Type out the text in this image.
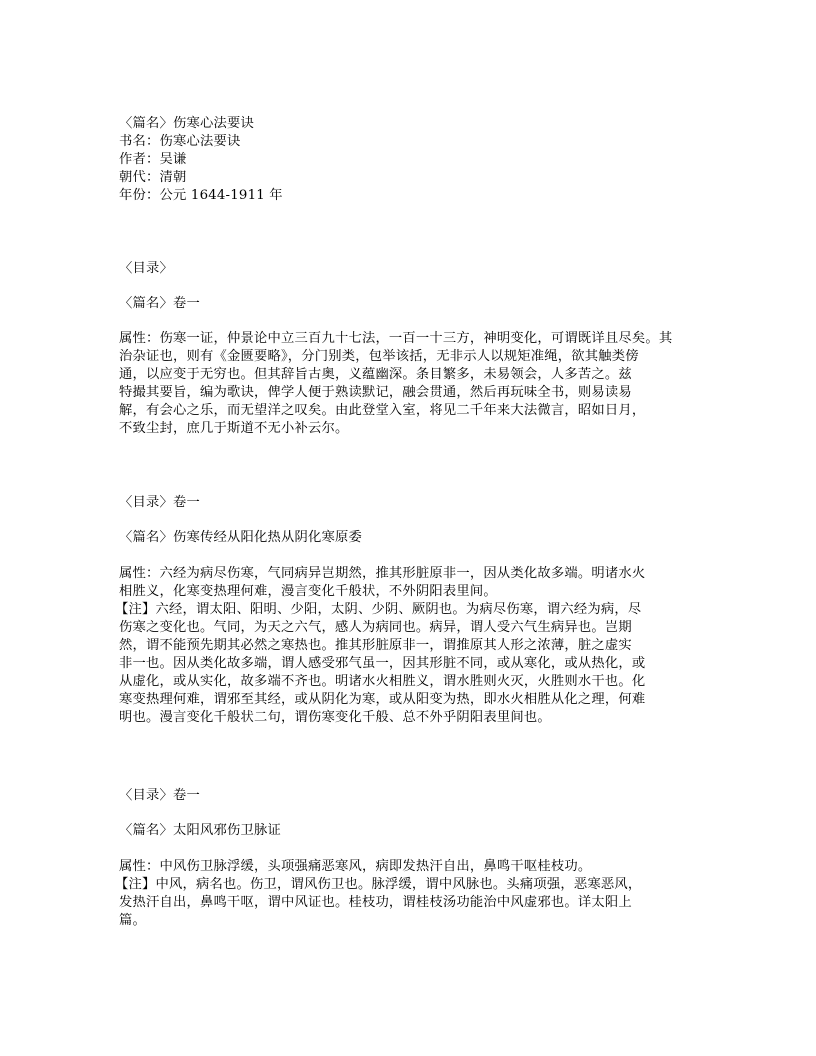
〈篇名〉伤寒心法要诀
书名：伤寒心法要诀
作者：吴谦
朝代：清朝
年份：公元 1644-1911 年
〈目录〉
〈篇名〉卷一
属性：伤寒一证，仲景论中立三百九十七法，一百一十三方，神明变化，可谓既详且尽矣。其
治杂证也，则有《金匮要略》，分门别类，包举该括，无非示人以规矩准绳，欲其触类傍
通，以应变于无穷也。但其辞旨古奥，义蕴幽深。条目繁多，未易领会，人多苦之。兹
特撮其要旨，编为歌诀，俾学人便于熟读默记，融会贯通，然后再玩味全书，则易读易
解，有会心之乐，而无望洋之叹矣。由此登堂入室，将见二千年来大法微言，昭如日月，
不致尘封，庶几于斯道不无小补云尔。
〈目录〉卷一
〈篇名〉伤寒传经从阳化热从阴化寒原委
属性：六经为病尽伤寒，气同病异岂期然，推其形脏原非一，因从类化故多端。明诸水火
相胜义，化寒变热理何难，漫言变化千般状，不外阴阳表里间。
【注】六经，谓太阳、阳明、少阳，太阴、少阴、厥阴也。为病尽伤寒，谓六经为病，尽
伤寒之变化也。气同，为天之六气，感人为病同也。病异，谓人受六气生病异也。岂期
然，谓不能预先期其必然之寒热也。推其形脏原非一，谓推原其人形之浓薄，脏之虚实
非一也。因从类化故多端，谓人感受邪气虽一，因其形脏不同，或从寒化，或从热化，或
从虚化，或从实化，故多端不齐也。明诸水火相胜义，谓水胜则火灭，火胜则水干也。化
寒变热理何难，谓邪至其经，或从阴化为寒，或从阳变为热，即水火相胜从化之理，何难
明也。漫言变化千般状二句，谓伤寒变化千般、总不外乎阴阳表里间也。
〈目录〉卷一
〈篇名〉太阳风邪伤卫脉证
属性：中风伤卫脉浮缓，头项强痛恶寒风，病即发热汗自出，鼻鸣干呕桂枝功。
【注】中风，病名也。伤卫，谓风伤卫也。脉浮缓，谓中风脉也。头痛项强，恶寒恶风，
发热汗自出，鼻鸣干呕，谓中风证也。桂枝功，谓桂枝汤功能治中风虚邪也。详太阳上
篇。
